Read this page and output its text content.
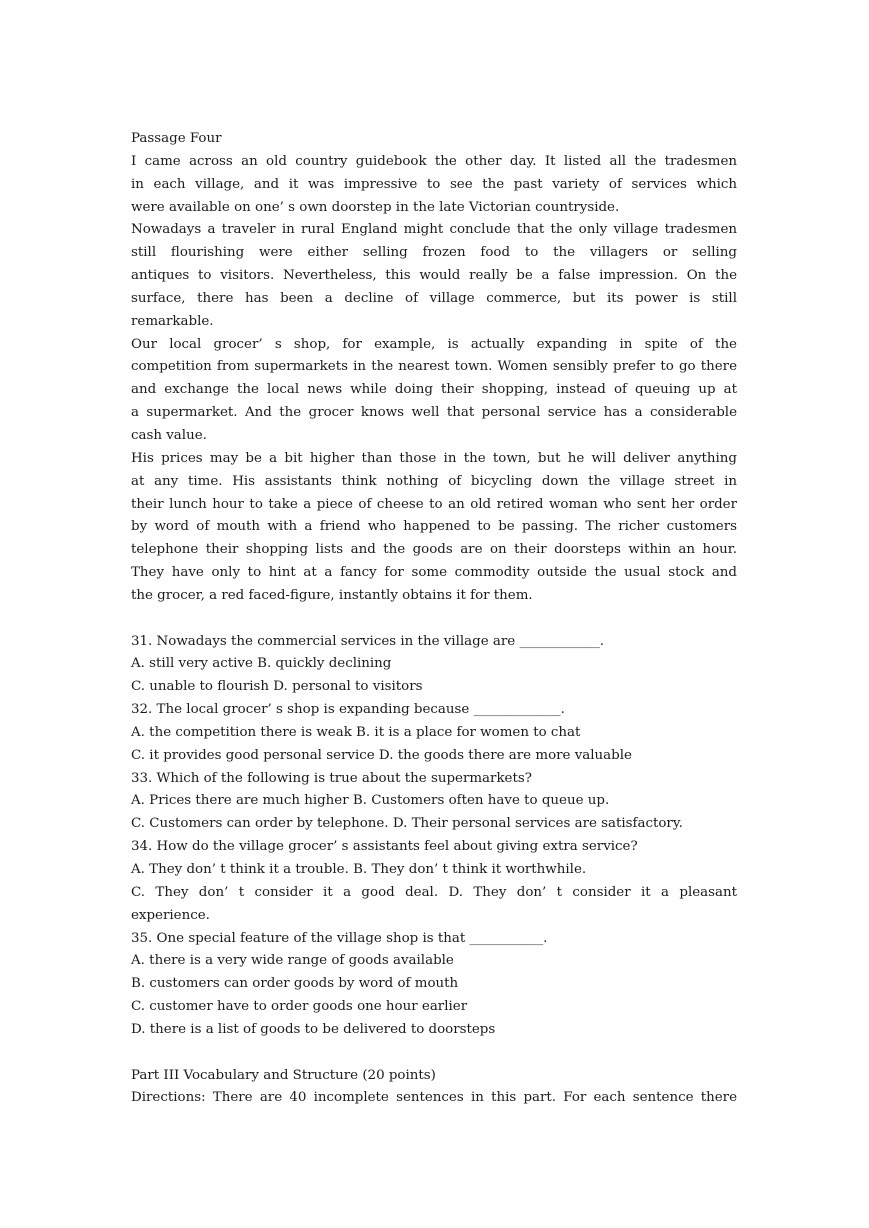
Passage Four
I came across an old country guidebook the other day. It listed all the tradesmen
in each village, and it was impressive to see the past variety of services which
were available on one’ s own doorstep in the late Victorian countryside.
Nowadays a traveler in rural England might conclude that the only village tradesmen
still flourishing were either selling frozen food to the villagers or selling
antiques to visitors. Nevertheless, this would really be a false impression. On the
surface, there has been a decline of village commerce, but its power is still
remarkable.
Our local grocer’ s shop, for example, is actually expanding in spite of the
competition from supermarkets in the nearest town. Women sensibly prefer to go there
and exchange the local news while doing their shopping, instead of queuing up at
a supermarket. And the grocer knows well that personal service has a considerable
cash value.
His prices may be a bit higher than those in the town, but he will deliver anything
at any time. His assistants think nothing of bicycling down the village street in
their lunch hour to take a piece of cheese to an old retired woman who sent her order
by word of mouth with a friend who happened to be passing. The richer customers
telephone their shopping lists and the goods are on their doorsteps within an hour.
They have only to hint at a fancy for some commodity outside the usual stock and
the grocer, a red faced-figure, instantly obtains it for them.
31. Nowadays the commercial services in the village are ____________.
A. still very active B. quickly declining
C. unable to flourish D. personal to visitors
32. The local grocer’ s shop is expanding because _____________.
A. the competition there is weak B. it is a place for women to chat
C. it provides good personal service D. the goods there are more valuable
33. Which of the following is true about the supermarkets?
A. Prices there are much higher B. Customers often have to queue up.
C. Customers can order by telephone. D. Their personal services are satisfactory.
34. How do the village grocer’ s assistants feel about giving extra service?
A. They don’ t think it a trouble. B. They don’ t think it worthwhile.
C. They don’ t consider it a good deal. D. They don’ t consider it a pleasant
experience.
35. One special feature of the village shop is that ___________.
A. there is a very wide range of goods available
B. customers can order goods by word of mouth
C. customer have to order goods one hour earlier
D. there is a list of goods to be delivered to doorsteps
Part III Vocabulary and Structure (20 points)
Directions: There are 40 incomplete sentences in this part. For each sentence there
